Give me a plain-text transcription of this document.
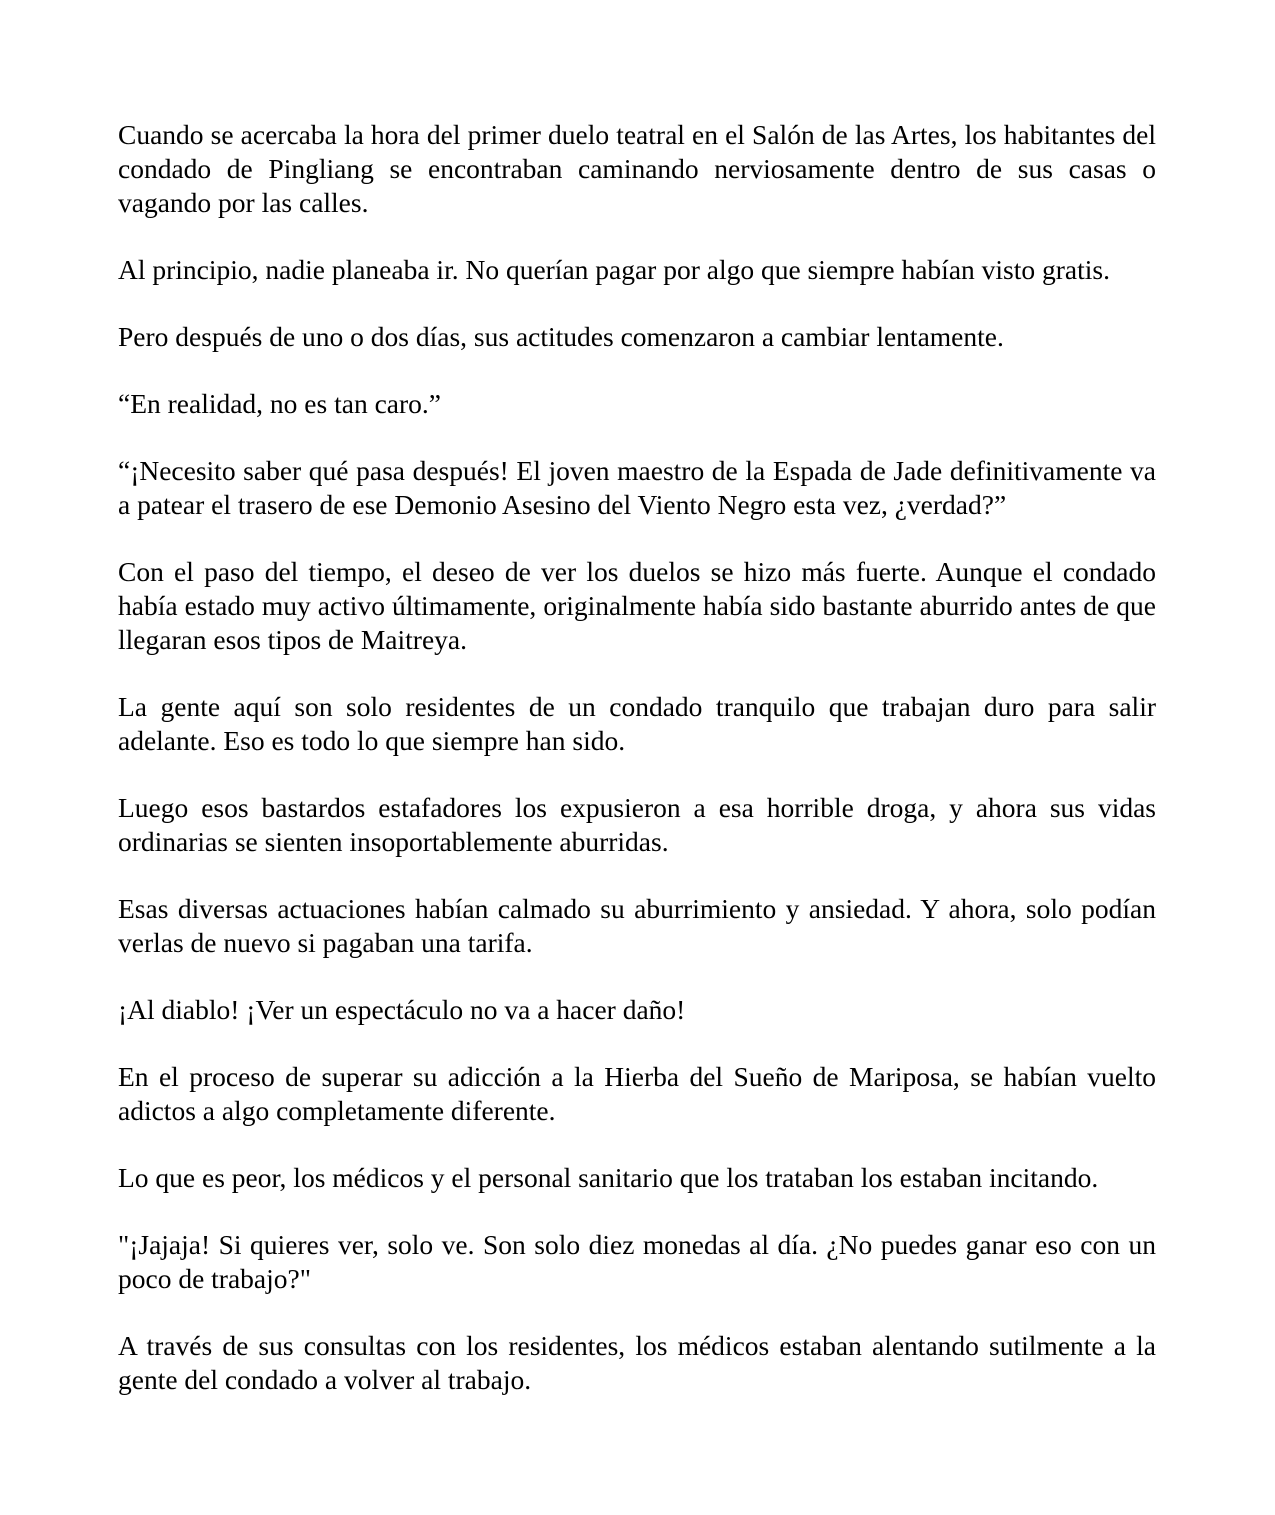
Cuando se acercaba la hora del primer duelo teatral en el Salón de las Artes, los habitantes del condado de Pingliang se encontraban caminando nerviosamente dentro de sus casas o vagando por las calles.

Al principio, nadie planeaba ir. No querían pagar por algo que siempre habían visto gratis.

Pero después de uno o dos días, sus actitudes comenzaron a cambiar lentamente.

“En realidad, no es tan caro.”

“¡Necesito saber qué pasa después! El joven maestro de la Espada de Jade definitivamente va a patear el trasero de ese Demonio Asesino del Viento Negro esta vez, ¿verdad?”

Con el paso del tiempo, el deseo de ver los duelos se hizo más fuerte. Aunque el condado había estado muy activo últimamente, originalmente había sido bastante aburrido antes de que llegaran esos tipos de Maitreya.

La gente aquí son solo residentes de un condado tranquilo que trabajan duro para salir adelante. Eso es todo lo que siempre han sido.

Luego esos bastardos estafadores los expusieron a esa horrible droga, y ahora sus vidas ordinarias se sienten insoportablemente aburridas.

Esas diversas actuaciones habían calmado su aburrimiento y ansiedad. Y ahora, solo podían verlas de nuevo si pagaban una tarifa.

¡Al diablo! ¡Ver un espectáculo no va a hacer daño!

En el proceso de superar su adicción a la Hierba del Sueño de Mariposa, se habían vuelto adictos a algo completamente diferente.

Lo que es peor, los médicos y el personal sanitario que los trataban los estaban incitando.

"¡Jajaja! Si quieres ver, solo ve. Son solo diez monedas al día. ¿No puedes ganar eso con un poco de trabajo?"

A través de sus consultas con los residentes, los médicos estaban alentando sutilmente a la gente del condado a volver al trabajo.
